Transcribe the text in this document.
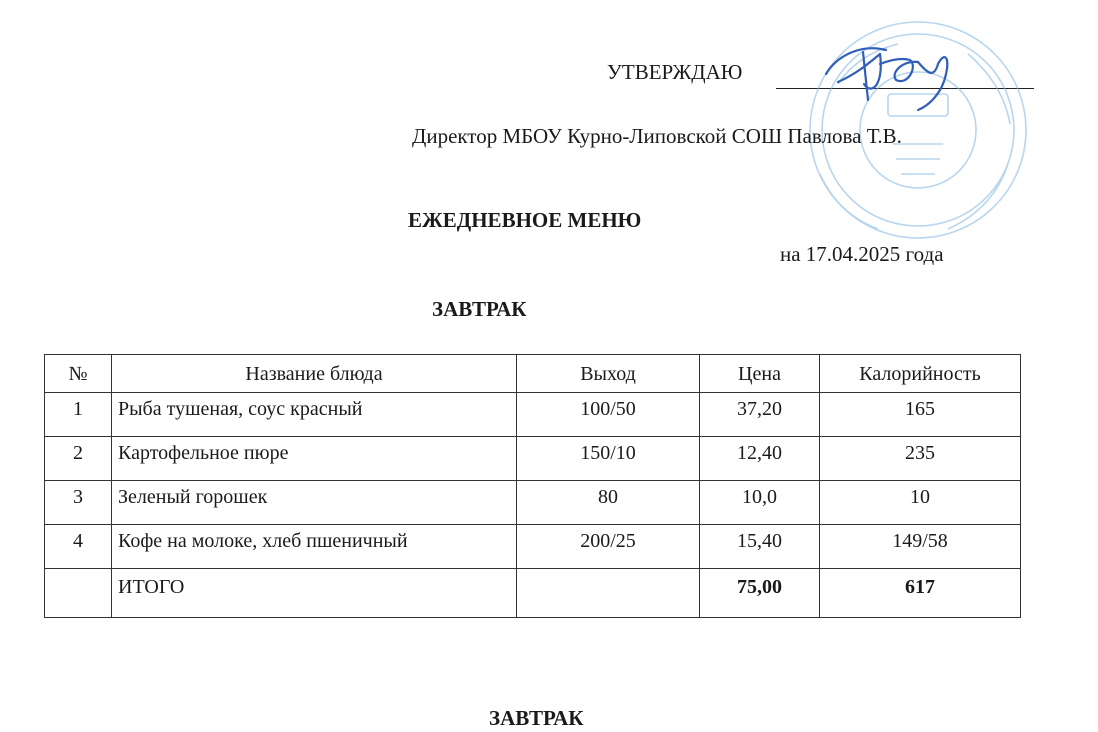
УТВЕРЖДАЮ
Директор МБОУ Курно-Липовской СОШ Павлова Т.В.
ЕЖЕДНЕВНОЕ МЕНЮ
на 17.04.2025 года
ЗАВТРАК
№	Название блюда	Выход	Цена	Калорийность
1	Рыба тушеная, соус красный	100/50	37,20	165
2	Картофельное пюре	150/10	12,40	235
3	Зеленый горошек	80	10,0	10
4	Кофе на молоке, хлеб пшеничный	200/25	15,40	149/58
	ИТОГО		75,00	617
ЗАВТРАК
